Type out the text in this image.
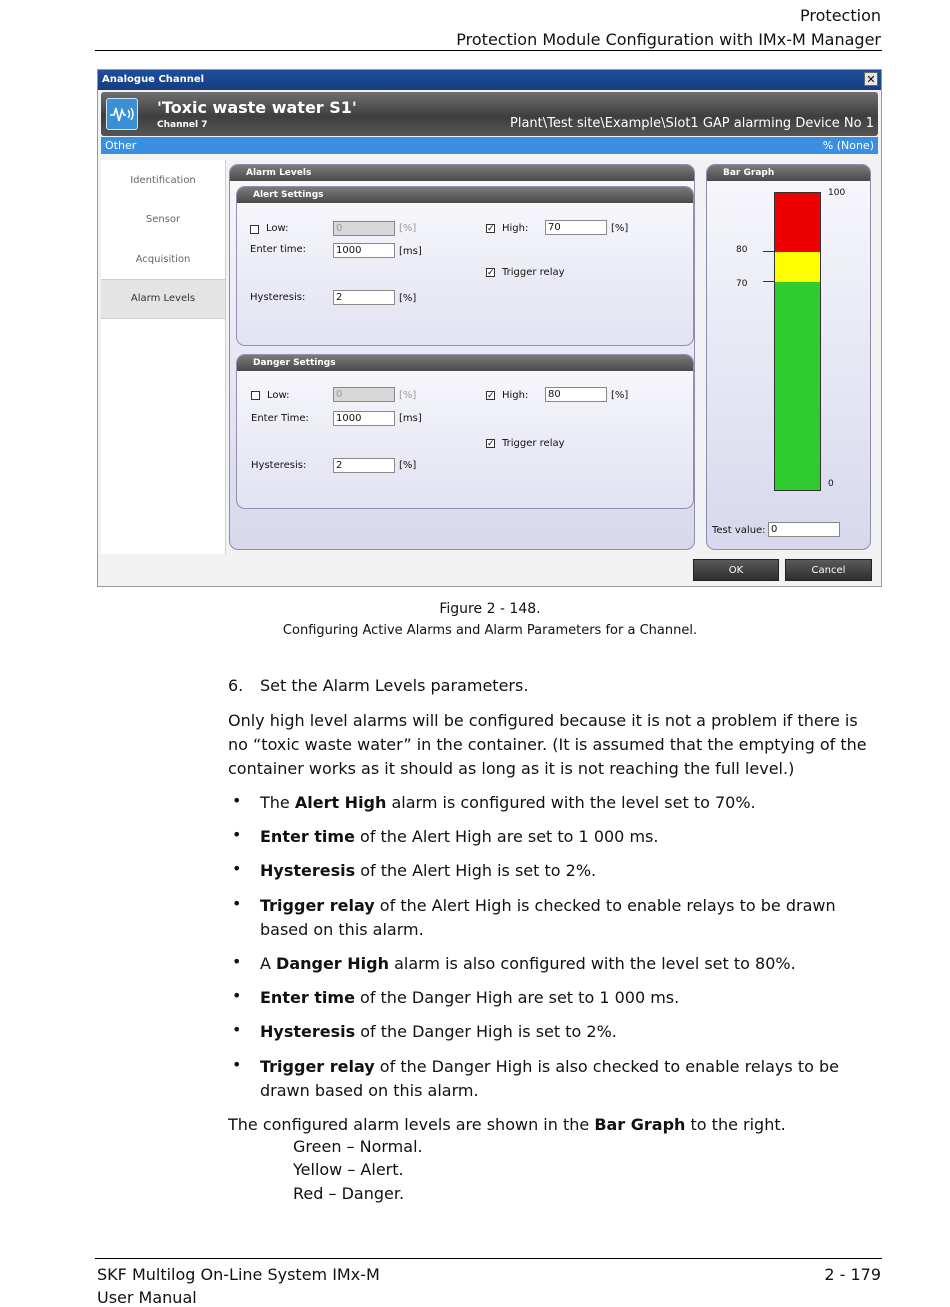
Protection
Protection Module Configuration with IMx-M Manager
Analogue Channel	✕
'Toxic waste water S1'
Channel 7	Plant\Test site\Example\Slot1 GAP alarming Device No 1
Other	% (None)
Identification
Sensor
Acquisition
Alarm Levels
Alarm Levels
Alert Settings
Low:	0	[%]
Enter time:	1000	[ms]
Hysteresis:	2	[%]
✓ High:	70	[%]
✓ Trigger relay
Danger Settings
Low:	0	[%]
Enter Time:	1000	[ms]
Hysteresis:	2	[%]
✓ High:	80	[%]
✓ Trigger relay
Bar Graph
100
80
70
0
Test value: 0
OK	Cancel
Figure 2 - 148.
Configuring Active Alarms and Alarm Parameters for a Channel.
6. Set the Alarm Levels parameters.
Only high level alarms will be configured because it is not a problem if there is no “toxic waste water” in the container. (It is assumed that the emptying of the container works as it should as long as it is not reaching the full level.)
• The Alert High alarm is configured with the level set to 70%.
• Enter time of the Alert High are set to 1 000 ms.
• Hysteresis of the Alert High is set to 2%.
• Trigger relay of the Alert High is checked to enable relays to be drawn based on this alarm.
• A Danger High alarm is also configured with the level set to 80%.
• Enter time of the Danger High are set to 1 000 ms.
• Hysteresis of the Danger High is set to 2%.
• Trigger relay of the Danger High is also checked to enable relays to be drawn based on this alarm.
The configured alarm levels are shown in the Bar Graph to the right.
Green – Normal.
Yellow – Alert.
Red – Danger.
SKF Multilog On-Line System IMx-M
User Manual
2 - 179
